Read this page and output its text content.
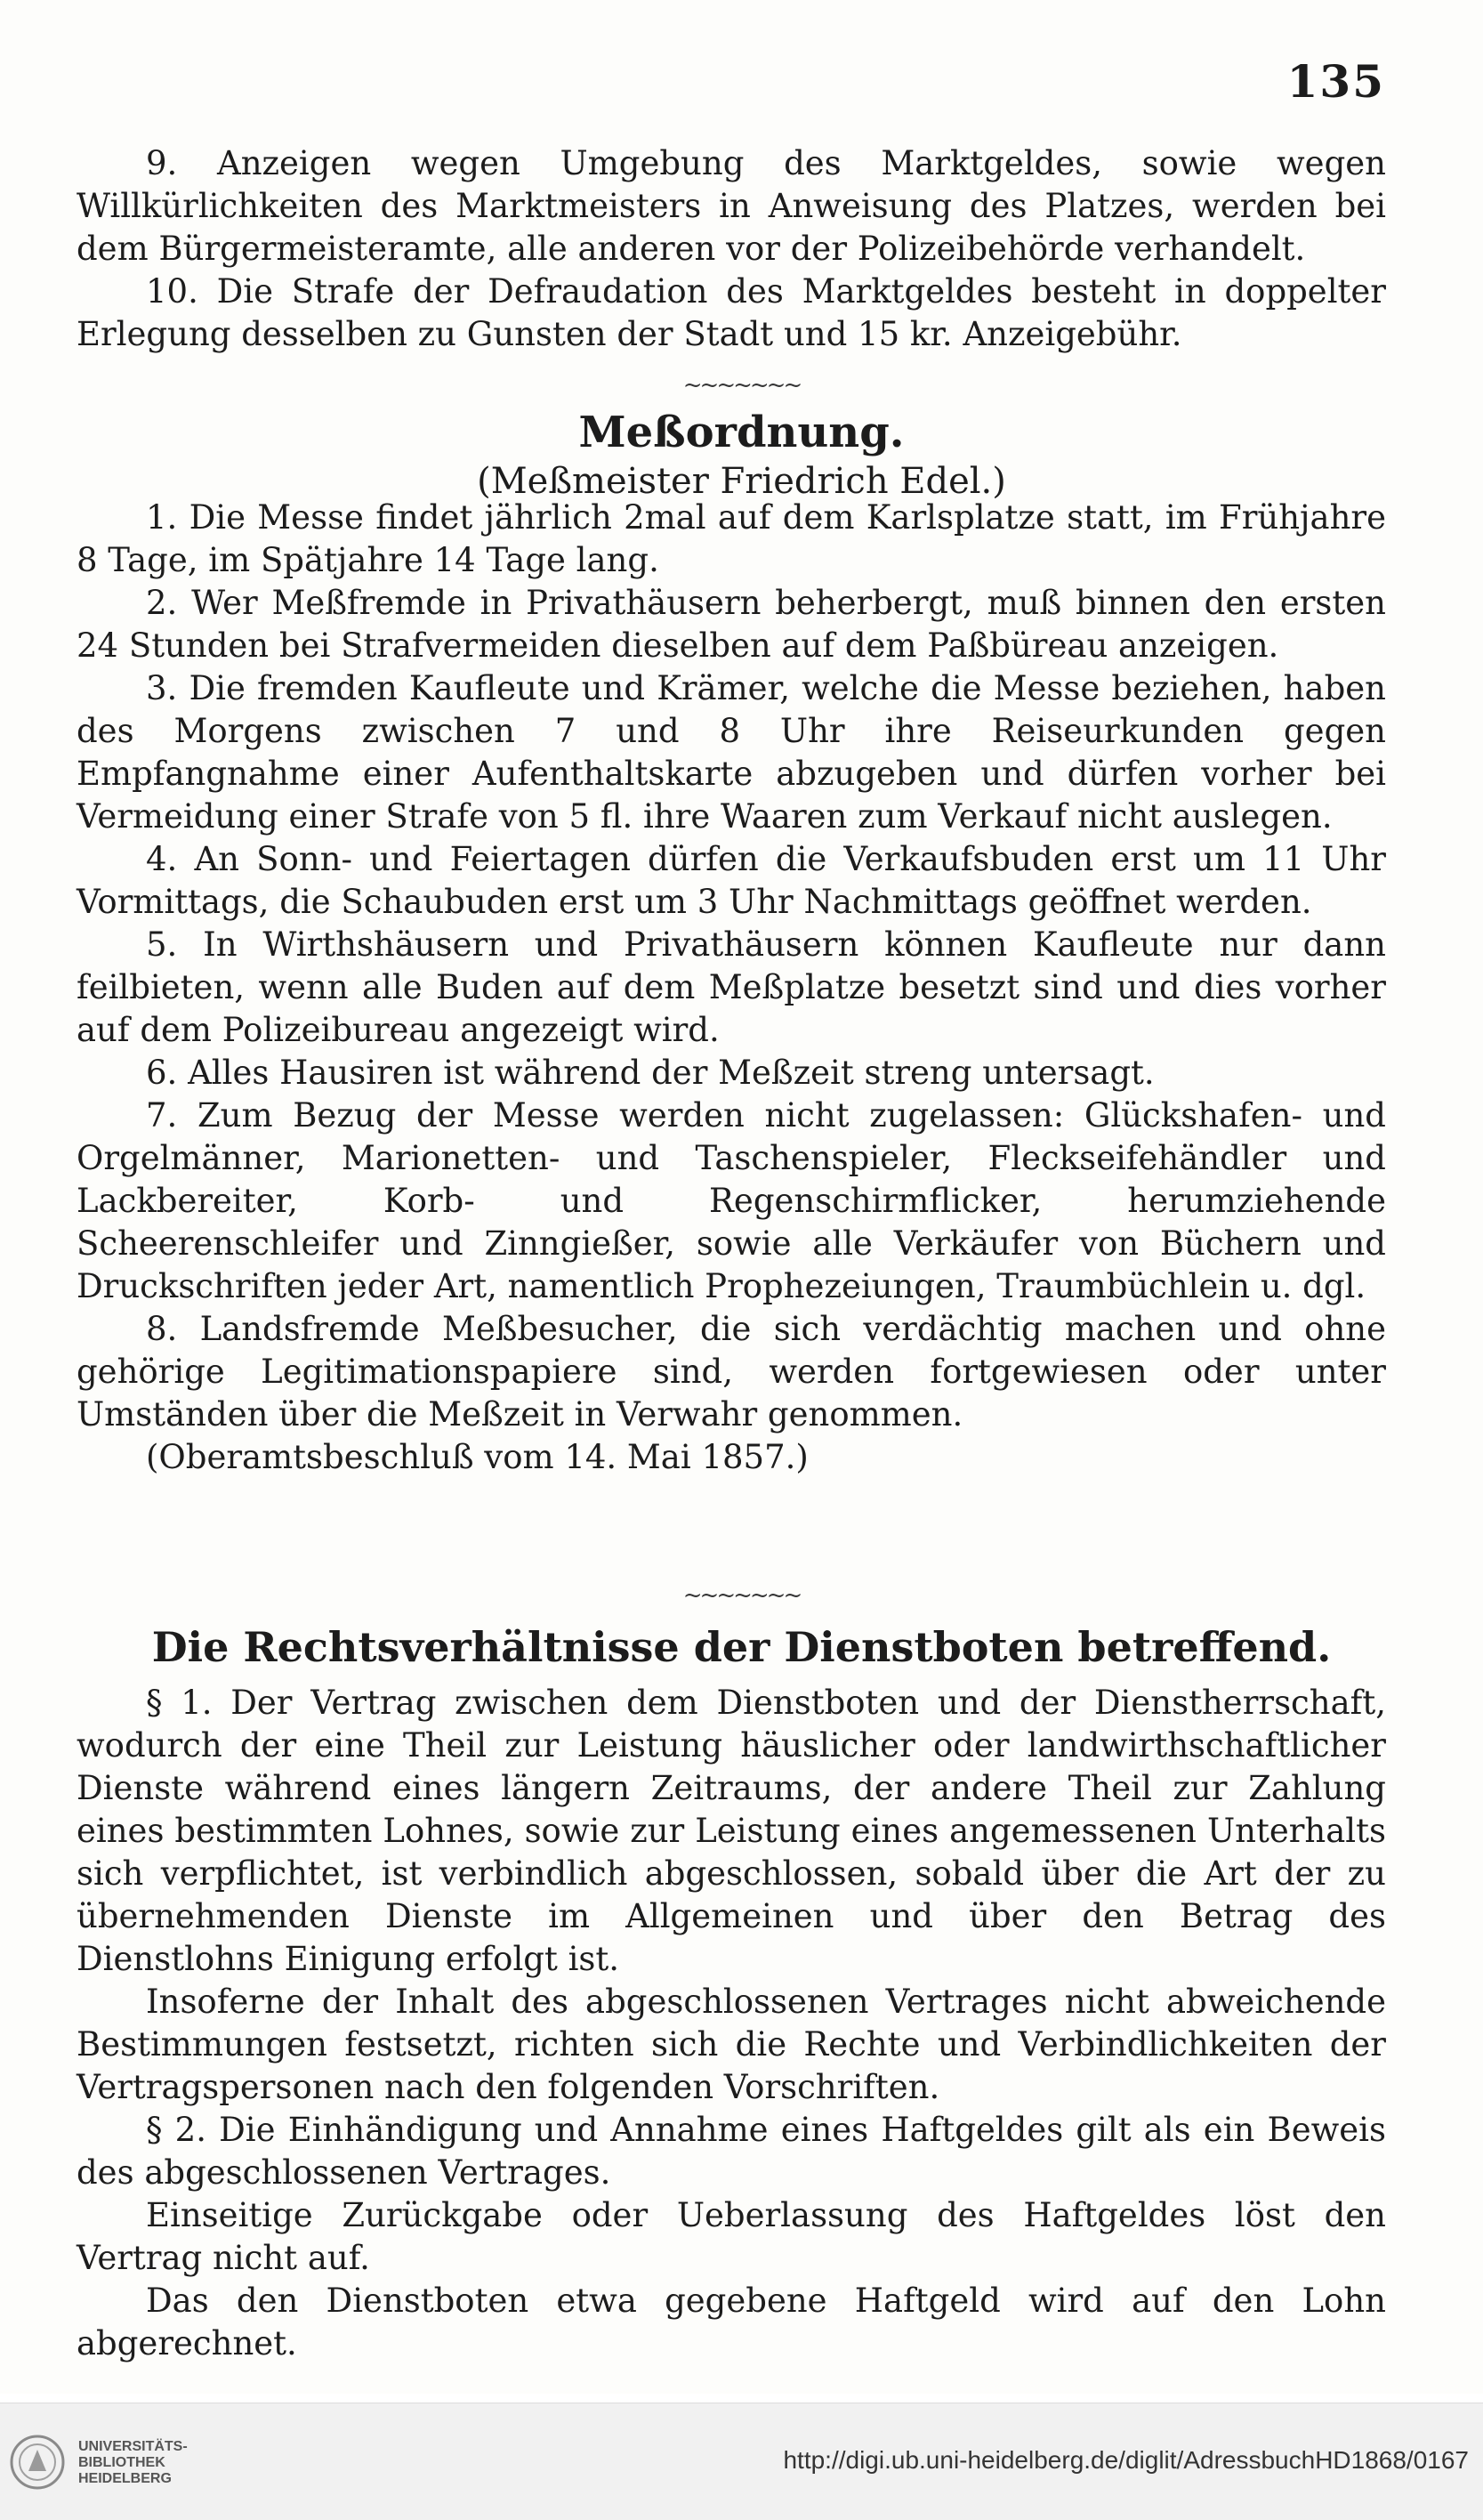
135

9. Anzeigen wegen Umgebung des Marktgeldes, sowie wegen Willkürlichkeiten des Marktmeisters in Anweisung des Platzes, werden bei dem Bürgermeisteramte, alle anderen vor der Polizeibehörde verhandelt.

10. Die Strafe der Defraudation des Marktgeldes besteht in doppelter Erlegung desselben zu Gunsten der Stadt und 15 kr. Anzeigebühr.

~~~~~~~
Meßordnung.
(Meßmeister Friedrich Edel.)

1. Die Messe findet jährlich 2mal auf dem Karlsplatze statt, im Frühjahre 8 Tage, im Spätjahre 14 Tage lang.

2. Wer Meßfremde in Privathäusern beherbergt, muß binnen den ersten 24 Stunden bei Strafvermeiden dieselben auf dem Paßbüreau anzeigen.

3. Die fremden Kaufleute und Krämer, welche die Messe beziehen, haben des Morgens zwischen 7 und 8 Uhr ihre Reiseurkunden gegen Empfangnahme einer Aufenthaltskarte abzugeben und dürfen vorher bei Vermeidung einer Strafe von 5 fl. ihre Waaren zum Verkauf nicht auslegen.

4. An Sonn- und Feiertagen dürfen die Verkaufsbuden erst um 11 Uhr Vormittags, die Schaubuden erst um 3 Uhr Nachmittags geöffnet werden.

5. In Wirthshäusern und Privathäusern können Kaufleute nur dann feilbieten, wenn alle Buden auf dem Meßplatze besetzt sind und dies vorher auf dem Polizeibureau angezeigt wird.

6. Alles Hausiren ist während der Meßzeit streng untersagt.

7. Zum Bezug der Messe werden nicht zugelassen: Glückshafen- und Orgelmänner, Marionetten- und Taschenspieler, Fleckseifehändler und Lackbereiter, Korb- und Regenschirmflicker, herumziehende Scheerenschleifer und Zinngießer, sowie alle Verkäufer von Büchern und Druckschriften jeder Art, namentlich Prophezeiungen, Traumbüchlein u. dgl.

8. Landsfremde Meßbesucher, die sich verdächtig machen und ohne gehörige Legitimationspapiere sind, werden fortgewiesen oder unter Umständen über die Meßzeit in Verwahr genommen.

(Oberamtsbeschluß vom 14. Mai 1857.)

~~~~~~~
Die Rechtsverhältnisse der Dienstboten betreffend.

§ 1. Der Vertrag zwischen dem Dienstboten und der Dienstherrschaft, wodurch der eine Theil zur Leistung häuslicher oder landwirthschaftlicher Dienste während eines längern Zeitraums, der andere Theil zur Zahlung eines bestimmten Lohnes, sowie zur Leistung eines angemessenen Unterhalts sich verpflichtet, ist verbindlich abgeschlossen, sobald über die Art der zu übernehmenden Dienste im Allgemeinen und über den Betrag des Dienstlohns Einigung erfolgt ist.

Insoferne der Inhalt des abgeschlossenen Vertrages nicht abweichende Bestimmungen festsetzt, richten sich die Rechte und Verbindlichkeiten der Vertragspersonen nach den folgenden Vorschriften.

§ 2. Die Einhändigung und Annahme eines Haftgeldes gilt als ein Beweis des abgeschlossenen Vertrages.

Einseitige Zurückgabe oder Ueberlassung des Haftgeldes löst den Vertrag nicht auf.

Das den Dienstboten etwa gegebene Haftgeld wird auf den Lohn abgerechnet.

UNIVERSITÄTS-
BIBLIOTHEK
HEIDELBERG
http://digi.ub.uni-heidelberg.de/diglit/AdressbuchHD1868/0167
